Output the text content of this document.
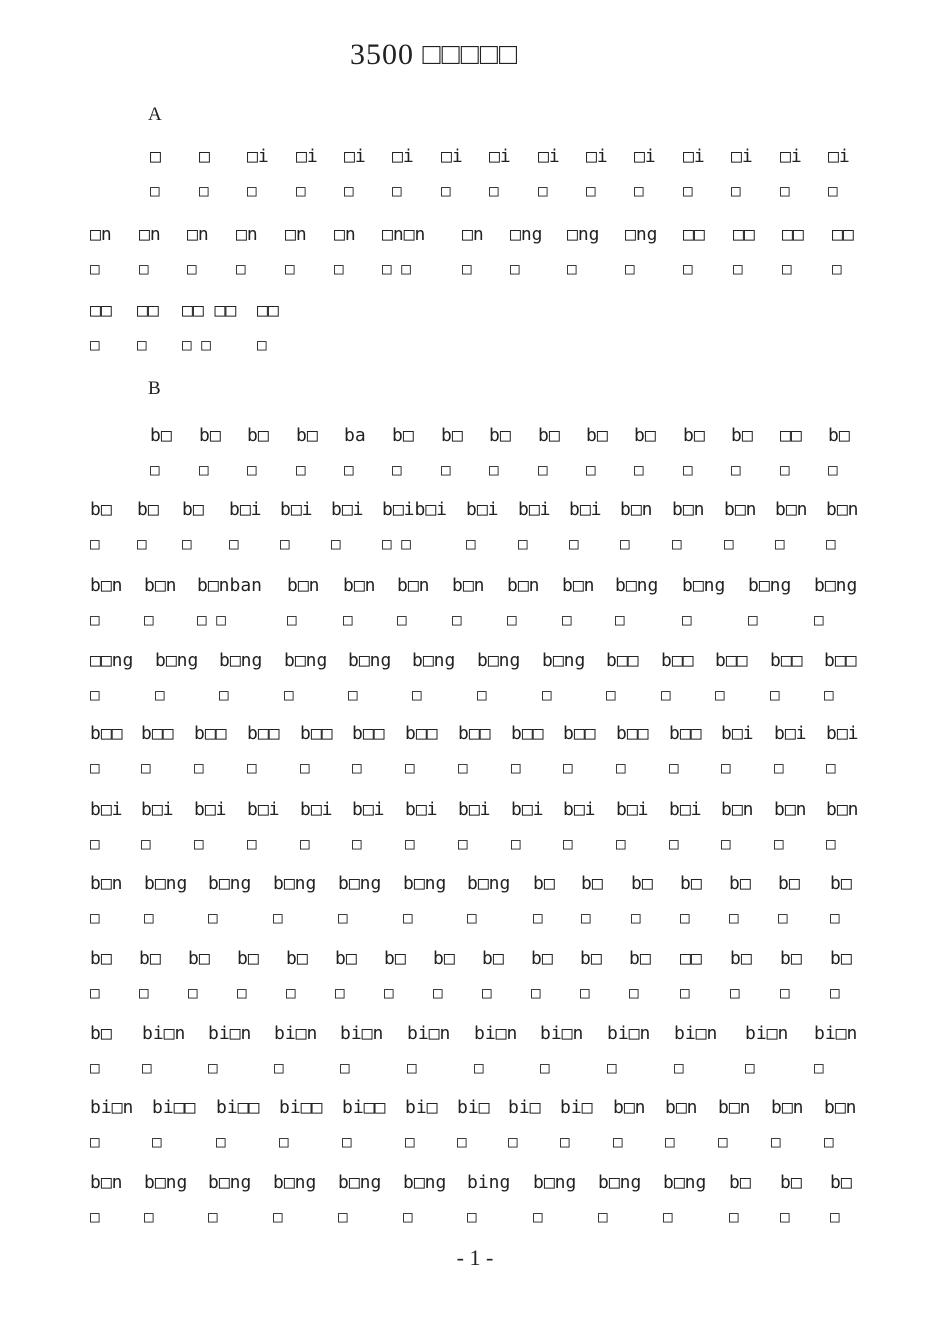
3500 □□□□□
A
B
□
□
□
□
□i
□
□i
□
□i
□
□i
□
□i
□
□i
□
□i
□
□i
□
□i
□
□i
□
□i
□
□i
□
□i
□
□n
□
□n
□
□n
□
□n
□
□n
□
□n
□
□n□n
□ □
□n
□
□ng
□
□ng
□
□ng
□
□□
□
□□
□
□□
□
□□
□
□□
□
□□
□
□□ □□
□ □
□□
□
b□
□
b□
□
b□
□
b□
□
ba
□
b□
□
b□
□
b□
□
b□
□
b□
□
b□
□
b□
□
b□
□
□□
□
b□
□
b□
□
b□
□
b□
□
b□i
□
b□i
□
b□i
□
b□ib□i
□ □
b□i
□
b□i
□
b□i
□
b□n
□
b□n
□
b□n
□
b□n
□
b□n
□
b□n
□
b□n
□
b□nban
□ □
b□n
□
b□n
□
b□n
□
b□n
□
b□n
□
b□n
□
b□ng
□
b□ng
□
b□ng
□
b□ng
□
□□ng
□
b□ng
□
b□ng
□
b□ng
□
b□ng
□
b□ng
□
b□ng
□
b□ng
□
b□□
□
b□□
□
b□□
□
b□□
□
b□□
□
b□□
□
b□□
□
b□□
□
b□□
□
b□□
□
b□□
□
b□□
□
b□□
□
b□□
□
b□□
□
b□□
□
b□□
□
b□i
□
b□i
□
b□i
□
b□i
□
b□i
□
b□i
□
b□i
□
b□i
□
b□i
□
b□i
□
b□i
□
b□i
□
b□i
□
b□i
□
b□i
□
b□n
□
b□n
□
b□n
□
b□n
□
b□ng
□
b□ng
□
b□ng
□
b□ng
□
b□ng
□
b□ng
□
b□
□
b□
□
b□
□
b□
□
b□
□
b□
□
b□
□
b□
□
b□
□
b□
□
b□
□
b□
□
b□
□
b□
□
b□
□
b□
□
b□
□
b□
□
b□
□
□□
□
b□
□
b□
□
b□
□
b□
□
bi□n
□
bi□n
□
bi□n
□
bi□n
□
bi□n
□
bi□n
□
bi□n
□
bi□n
□
bi□n
□
bi□n
□
bi□n
□
bi□n
□
bi□□
□
bi□□
□
bi□□
□
bi□□
□
bi□
□
bi□
□
bi□
□
bi□
□
b□n
□
b□n
□
b□n
□
b□n
□
b□n
□
b□n
□
b□ng
□
b□ng
□
b□ng
□
b□ng
□
b□ng
□
bing
□
b□ng
□
b□ng
□
b□ng
□
b□
□
b□
□
b□
□
- 1 -
